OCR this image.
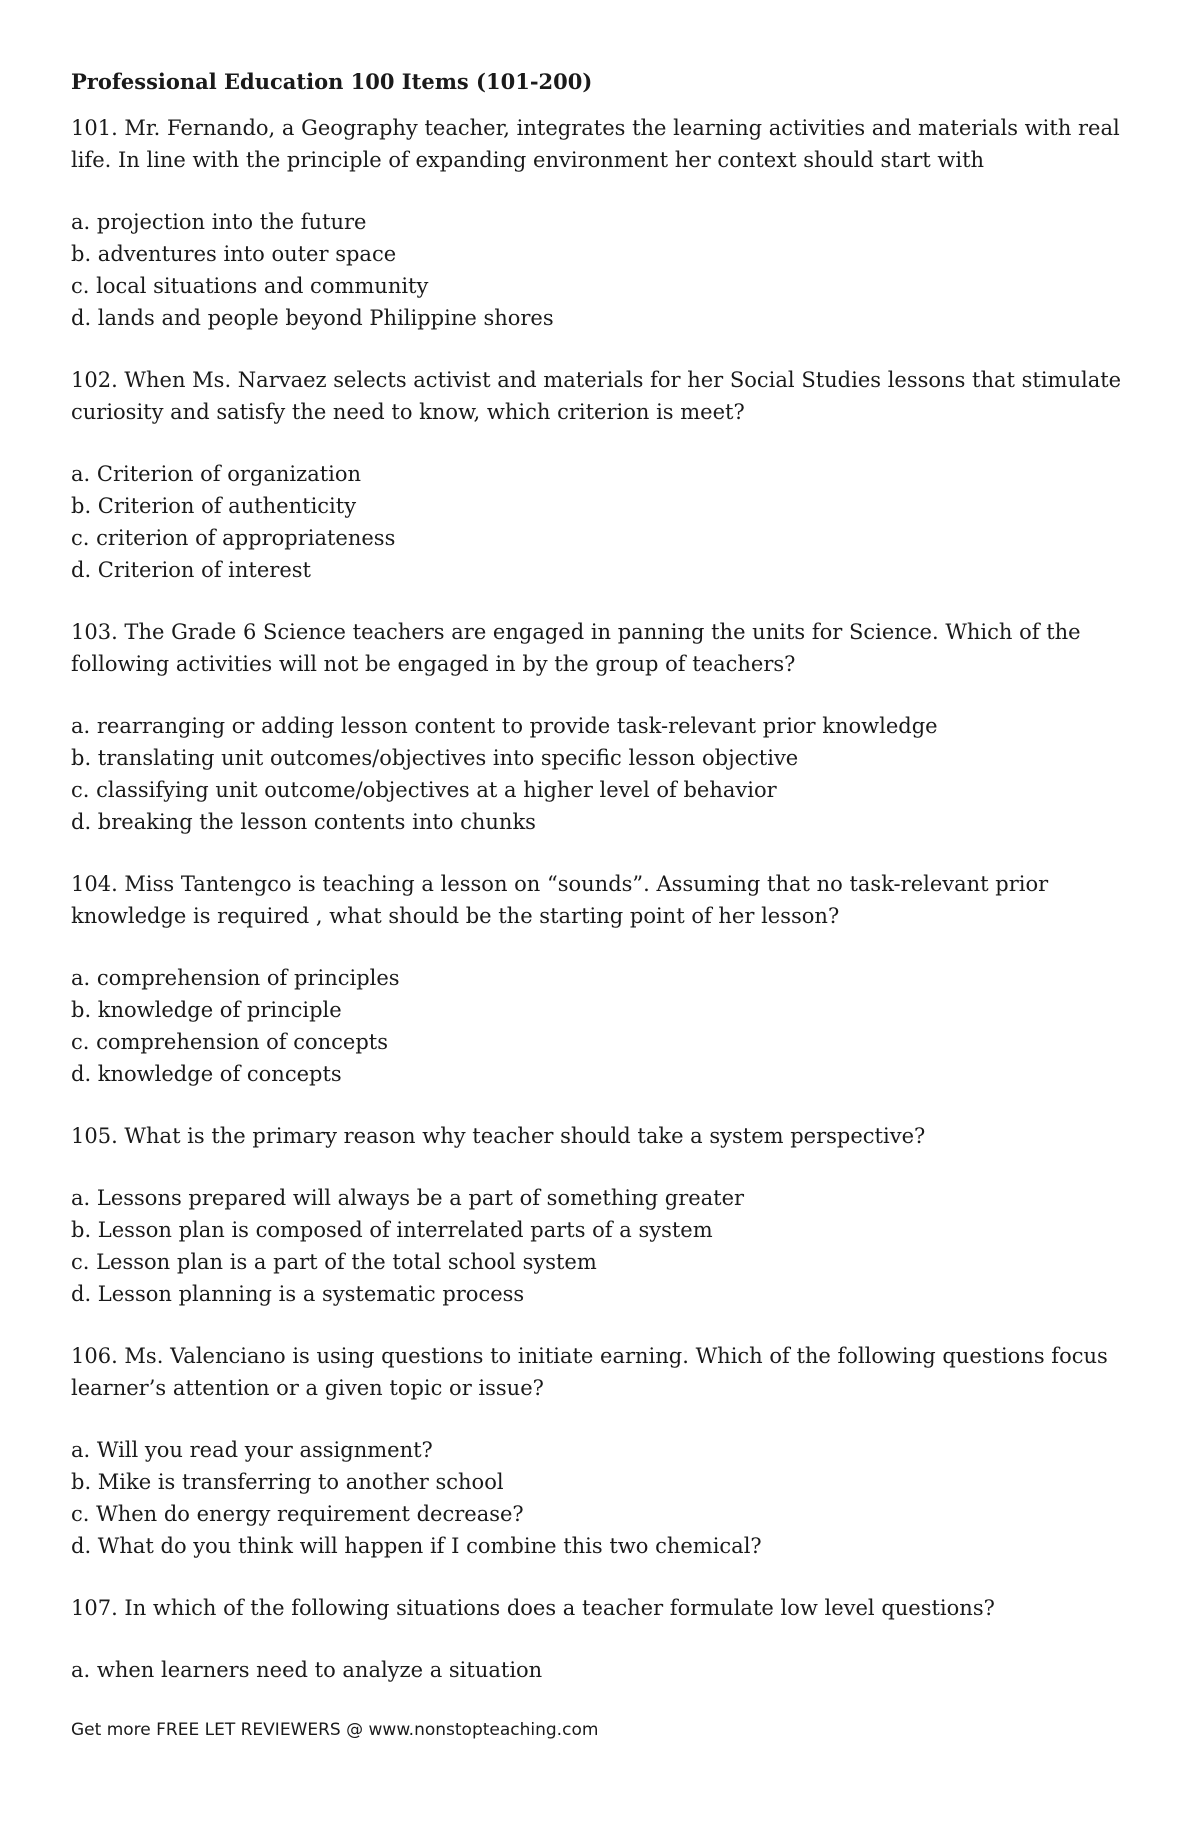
Professional Education 100 Items (101-200)

101. Mr. Fernando, a Geography teacher, integrates the learning activities and materials with real life. In line with the principle of expanding environment her context should start with

a. projection into the future
b. adventures into outer space
c. local situations and community
d. lands and people beyond Philippine shores

102. When Ms. Narvaez selects activist and materials for her Social Studies lessons that stimulate curiosity and satisfy the need to know, which criterion is meet?

a. Criterion of organization
b. Criterion of authenticity
c. criterion of appropriateness
d. Criterion of interest

103. The Grade 6 Science teachers are engaged in panning the units for Science. Which of the following activities will not be engaged in by the group of teachers?

a. rearranging or adding lesson content to provide task-relevant prior knowledge
b. translating unit outcomes/objectives into specific lesson objective
c. classifying unit outcome/objectives at a higher level of behavior
d. breaking the lesson contents into chunks

104. Miss Tantengco is teaching a lesson on “sounds”. Assuming that no task-relevant prior knowledge is required , what should be the starting point of her lesson?

a. comprehension of principles
b. knowledge of principle
c. comprehension of concepts
d. knowledge of concepts

105. What is the primary reason why teacher should take a system perspective?

a. Lessons prepared will always be a part of something greater
b. Lesson plan is composed of interrelated parts of a system
c. Lesson plan is a part of the total school system
d. Lesson planning is a systematic process

106. Ms. Valenciano is using questions to initiate earning. Which of the following questions focus learner’s attention or a given topic or issue?

a. Will you read your assignment?
b. Mike is transferring to another school
c. When do energy requirement decrease?
d. What do you think will happen if I combine this two chemical?

107. In which of the following situations does a teacher formulate low level questions?

a. when learners need to analyze a situation
Get more FREE LET REVIEWERS @ www.nonstopteaching.com
